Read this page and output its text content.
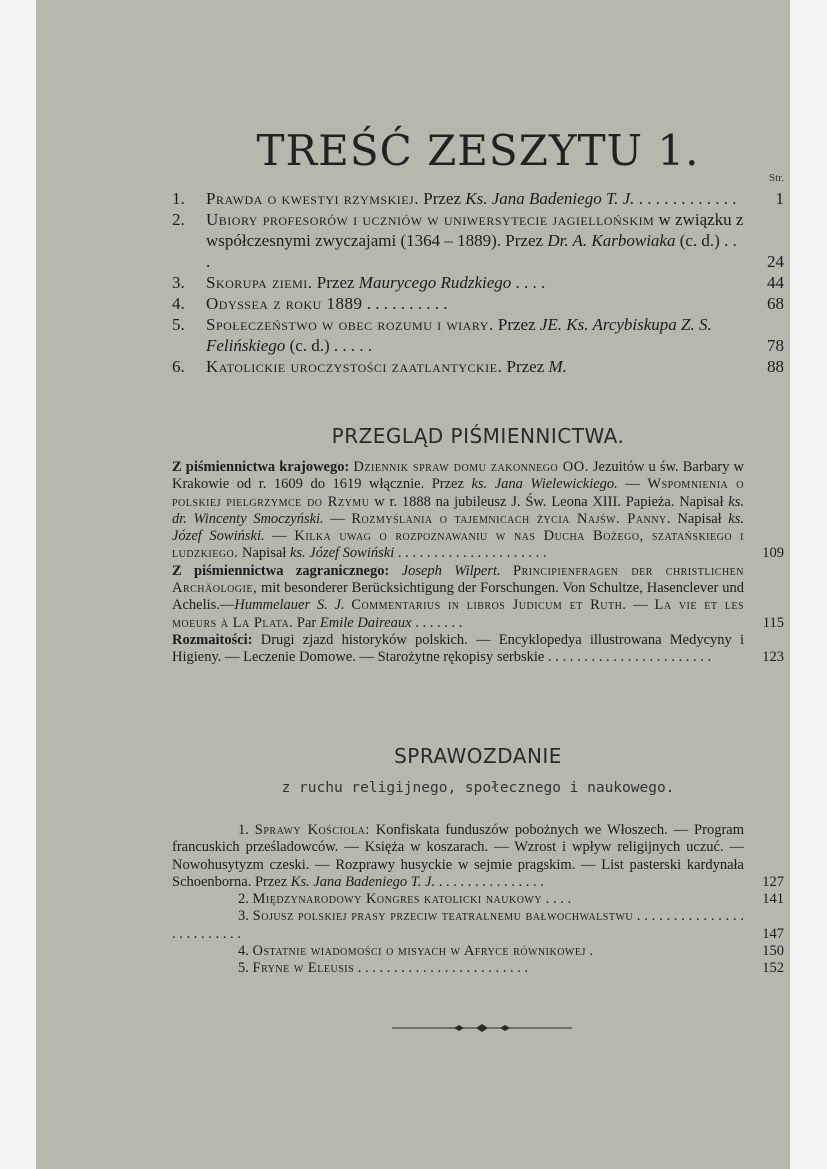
TREŚĆ ZESZYTU 1.
Str.
1. Prawda o kwestyi rzymskiej. Przez Ks. Jana Badeniego T. J. . . . . . . . . . . . . 1
2. Ubiory profesorów i uczniów w uniwersytecie jagiellońskim w związku z współczesnymi zwyczajami (1364 – 1889). Przez Dr. A. Karbowiaka (c. d.) . . .	24
3. Skorupa ziemi. Przez Maurycego Rudzkiego . . . .	44
4. Odyssea z roku 1889 . . . . . . . . . .	68
5. Społeczeństwo w obec rozumu i wiary. Przez JE. Ks. Arcybiskupa Z. S. Felińskiego (c. d.) . . . . .	78
6. Katolickie uroczystości zaatlantyckie. Przez M.	88
PRZEGLĄD PIŚMIENNICTWA.
Z piśmiennictwa krajowego: Dziennik spraw domu zakonnego OO. Jezuitów u św. Barbary w Krakowie od r. 1609 do 1619 włącznie. Przez ks. Jana Wielewickiego. — Wspomnienia o polskiej pielgrzymce do Rzymu w r. 1888 na jubileusz J. Św. Leona XIII. Papieża. Napisał ks. dr. Wincenty Smoczyński. — Rozmyślania o tajemnicach życia Najśw. Panny. Napisał ks. Józef Sowiński. — Kilka uwag o rozpoznawaniu w nas Ducha Bożego, szatańskiego i ludzkiego. Napisał ks. Józef Sowiński . . . . . . . . . . . . . . . . . . . . .	109
Z piśmiennictwa zagranicznego: Joseph Wilpert. Principienfragen der christlichen Archäologie, mit besonderer Berücksichtigung der Forschungen. Von Schultze, Hasenclever und Achelis.—Hummelauer S. J. Commentarius in libros Judicum et Ruth. — La vie et les moeurs à La Plata. Par Emile Daireaux . . . . . . .	115
Rozmaitości: Drugi zjazd historyków polskich. — Encyklopedya illustrowana Medycyny i Higieny. — Leczenie Domowe. — Starożytne rękopisy serbskie . . . . . . . . . . . . . . . . . . . . . . .	123
SPRAWOZDANIE
z ruchu religijnego, społecznego i naukowego.
1. Sprawy Kościoła: Konfiskata funduszów pobożnych we Włoszech. — Program francuskich prześladowców. — Księża w koszarach. — Wzrost i wpływ religijnych uczuć. — Nowohusytyzm czeski. — Rozprawy husyckie w sejmie pragskim. — List pasterski kardynała Schoenborna. Przez Ks. Jana Badeniego T. J. . . . . . . . . . . . . . . .	127
2. Międzynarodowy Kongres katolicki naukowy . . . .	141
3. Sojusz polskiej prasy przeciw teatralnemu bałwochwalstwu . . . . . . . . . . . . . . . . . . . . . . . . .	147
4. Ostatnie wiadomości o misyach w Afryce równikowej .	150
5. Fryne w Eleusis . . . . . . . . . . . . . . . . . . . . . . . .	152
